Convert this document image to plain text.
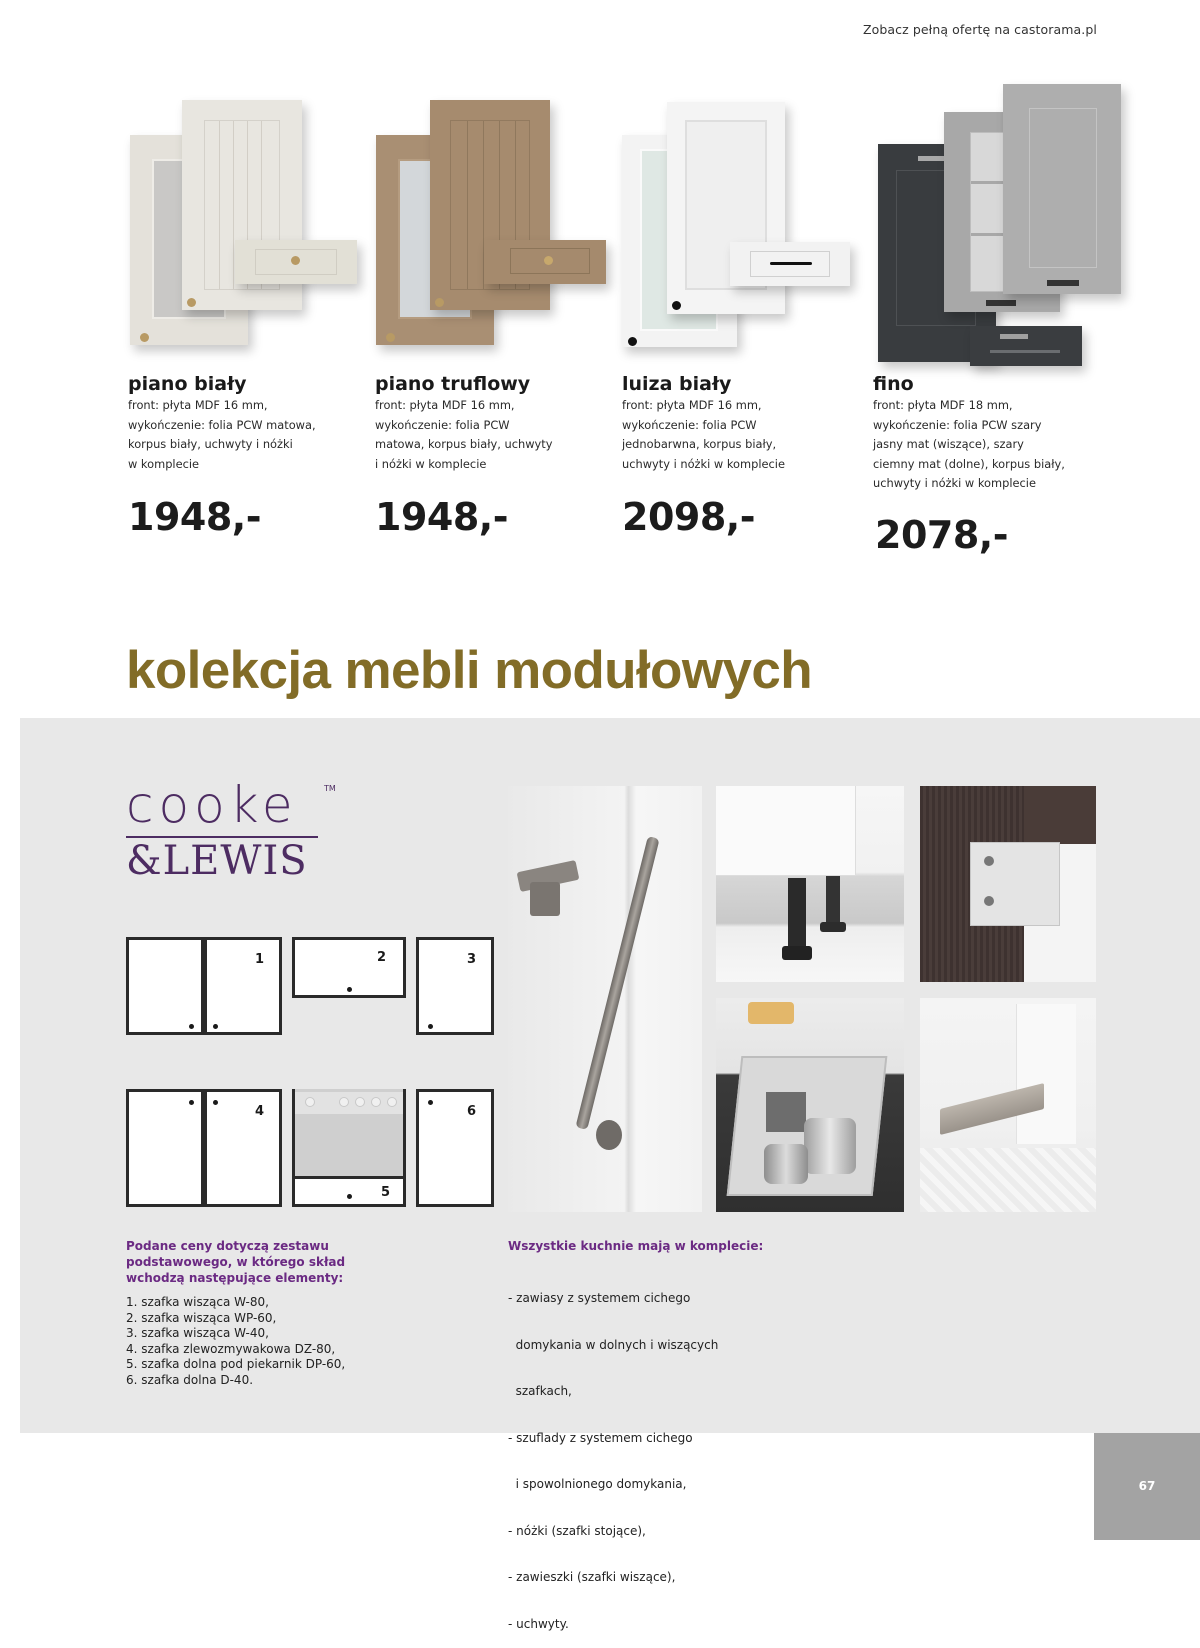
Zobacz pełną ofertę na castorama.pl
piano biały
front: płyta MDF 16 mm,
wykończenie: folia PCW matowa,
korpus biały, uchwyty i nóżki
w komplecie
1948,-
piano truflowy
front: płyta MDF 16 mm,
wykończenie: folia PCW
matowa, korpus biały, uchwyty
i nóżki w komplecie
1948,-
luiza biały
front: płyta MDF 16 mm,
wykończenie: folia PCW
jednobarwna, korpus biały,
uchwyty i nóżki w komplecie
2098,-
fino
front: płyta MDF 18 mm,
wykończenie: folia PCW szary
jasny mat (wiszące), szary
ciemny mat (dolne), korpus biały,
uchwyty i nóżki w komplecie
2078,-
kolekcja mebli modułowych
cooke	TM
&LEWIS
1	2	3
4
5
6
Podane ceny dotyczą zestawu podstawowego, w którego skład wchodzą następujące elementy:
1. szafka wisząca W-80,
2. szafka wisząca WP-60,
3. szafka wisząca W-40,
4. szafka zlewozmywakowa DZ-80,
5. szafka dolna pod piekarnik DP-60,
6. szafka dolna D-40.
Wszystkie kuchnie mają w komplecie:

- zawiasy z systemem cichego

domykania w dolnych i wiszących

szafkach,

- szuflady z systemem cichego

i spowolnionego domykania,

- nóżki (szafki stojące),

- zawieszki (szafki wiszące),

- uchwyty.

67
